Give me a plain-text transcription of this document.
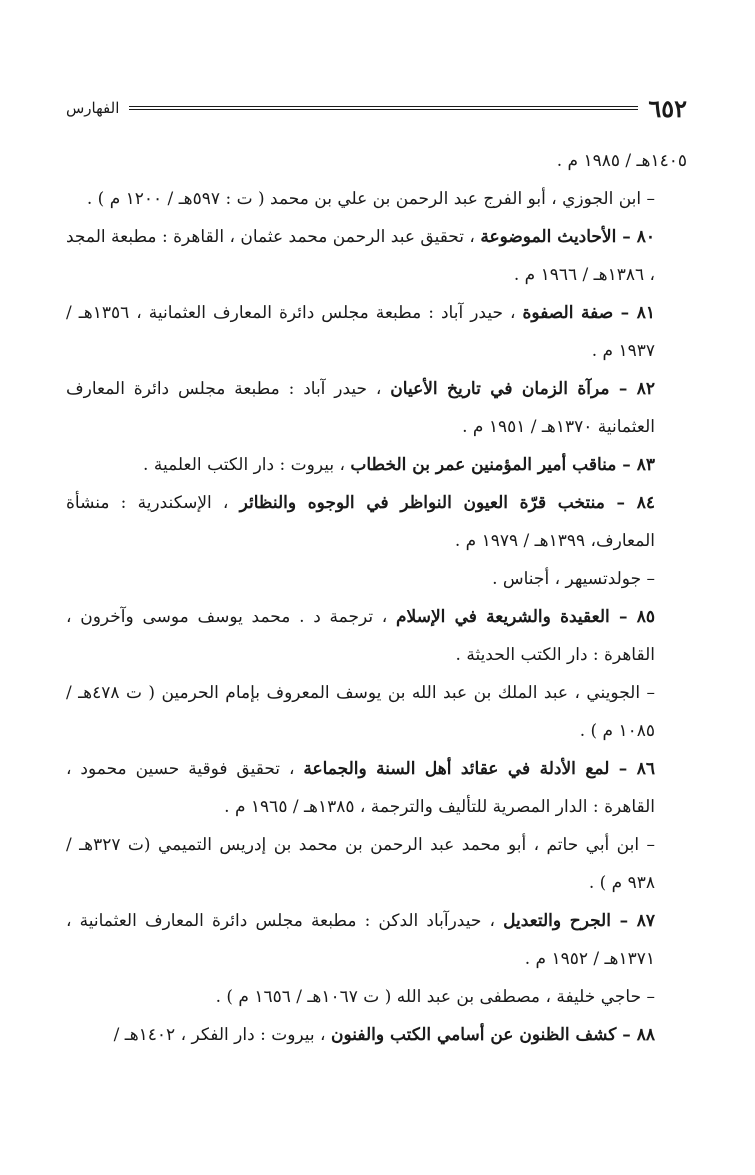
٦٥٢
الفهارس

١٤٠٥هـ / ١٩٨٥ م .

– ابن الجوزي ، أبو الفرج عبد الرحمن بن علي بن محمد ( ت : ٥٩٧هـ / ١٢٠٠ م ) .

٨٠ – الأحاديث الموضوعة ، تحقيق عبد الرحمن محمد عثمان ، القاهرة : مطبعة المجد ، ١٣٨٦هـ / ١٩٦٦ م .

٨١ – صفة الصفوة ، حيدر آباد : مطبعة مجلس دائرة المعارف العثمانية ، ١٣٥٦هـ / ١٩٣٧ م .

٨٢ – مرآة الزمان في تاريخ الأعيان ، حيدر آباد : مطبعة مجلس دائرة المعارف العثمانية ١٣٧٠هـ / ١٩٥١ م .

٨٣ – مناقب أمير المؤمنين عمر بن الخطاب ، بيروت : دار الكتب العلمية .

٨٤ – منتخب قرّة العيون النواظر في الوجوه والنظائر ، الإسكندرية : منشأة المعارف، ١٣٩٩هـ / ١٩٧٩ م .

– جولدتسيهر ، أجناس .

٨٥ – العقيدة والشريعة في الإسلام ، ترجمة د . محمد يوسف موسى وآخرون ، القاهرة : دار الكتب الحديثة .

– الجويني ، عبد الملك بن عبد الله بن يوسف المعروف بإمام الحرمين ( ت ٤٧٨هـ / ١٠٨٥ م ) .

٨٦ – لمع الأدلة في عقائد أهل السنة والجماعة ، تحقيق فوقية حسين محمود ، القاهرة : الدار المصرية للتأليف والترجمة ، ١٣٨٥هـ / ١٩٦٥ م .

– ابن أبي حاتم ، أبو محمد عبد الرحمن بن محمد بن إدريس التميمي (ت ٣٢٧هـ / ٩٣٨ م ) .

٨٧ – الجرح والتعديل ، حيدرآباد الدكن : مطبعة مجلس دائرة المعارف العثمانية ، ١٣٧١هـ / ١٩٥٢ م .

– حاجي خليفة ، مصطفى بن عبد الله ( ت ١٠٦٧هـ / ١٦٥٦ م ) .

٨٨ – كشف الظنون عن أسامي الكتب والفنون ، بيروت : دار الفكر ، ١٤٠٢هـ /
